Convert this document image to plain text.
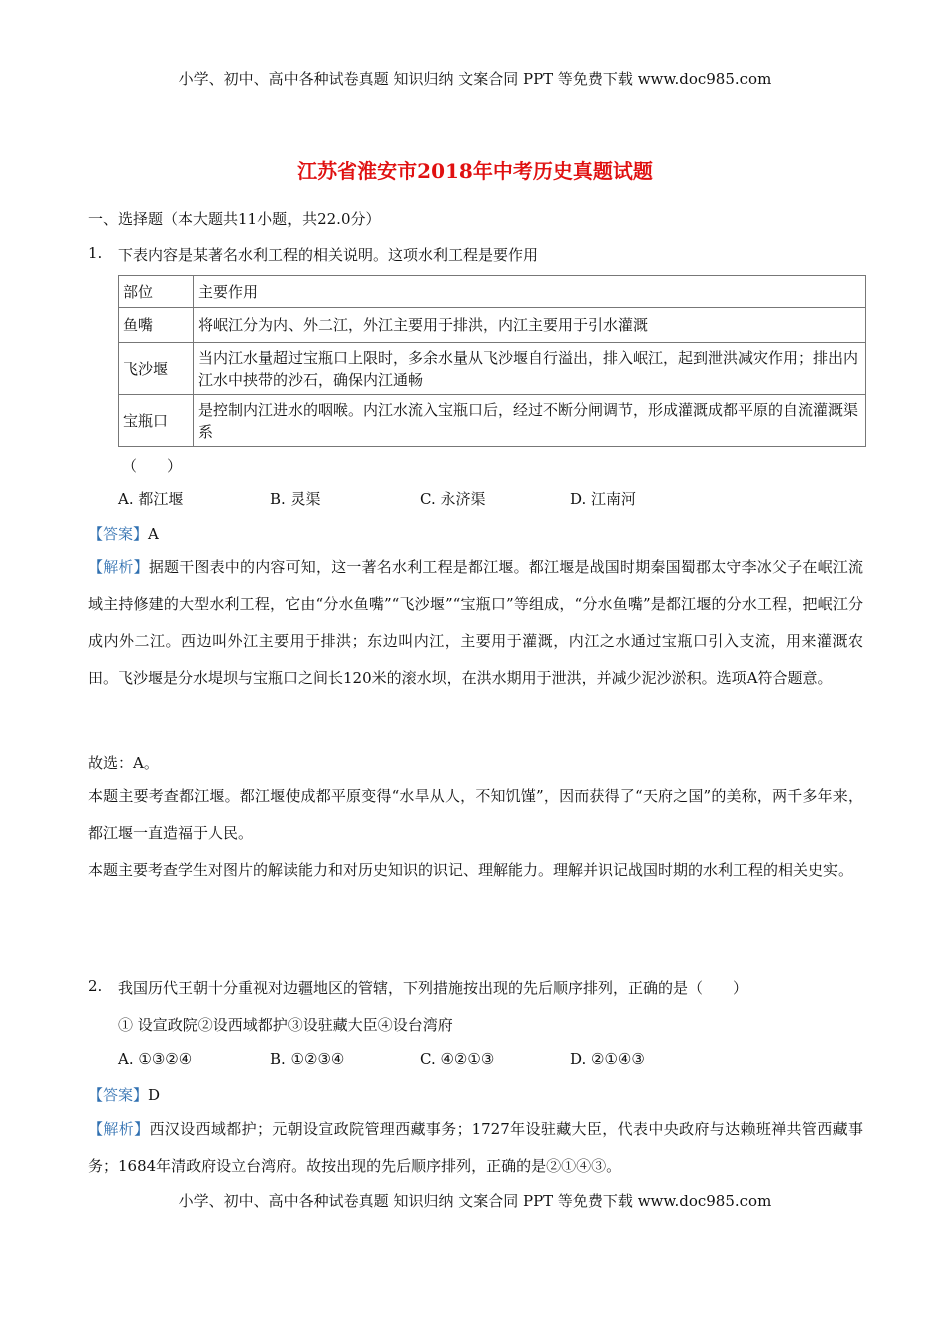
小学、初中、高中各种试卷真题 知识归纳 文案合同 PPT 等免费下载 www.doc985.com
江苏省淮安市2018年中考历史真题试题
一、选择题（本大题共11小题，共22.0分）
1. 下表内容是某著名水利工程的相关说明。这项水利工程是要作用
部位	主要作用
鱼嘴	将岷江分为内、外二江，外江主要用于排洪，内江主要用于引水灌溉
飞沙堰	当内江水量超过宝瓶口上限时，多余水量从飞沙堰自行溢出，排入岷江，起到泄洪减灾作用；排出内江水中挟带的沙石，确保内江通畅
宝瓶口	是控制内江进水的咽喉。内江水流入宝瓶口后，经过不断分闸调节，形成灌溉成都平原的自流灌溉渠系
（　　）
A. 都江堰	B. 灵渠	C. 永济渠	D. 江南河
【答案】A
【解析】据题干图表中的内容可知，这一著名水利工程是都江堰。都江堰是战国时期秦国蜀郡太守李冰父子在岷江流域主持修建的大型水利工程，它由“分水鱼嘴”“飞沙堰”“宝瓶口”等组成，“分水鱼嘴”是都江堰的分水工程，把岷江分成内外二江。西边叫外江主要用于排洪；东边叫内江，主要用于灌溉，内江之水通过宝瓶口引入支流，用来灌溉农田。飞沙堰是分水堤坝与宝瓶口之间长120米的滚水坝，在洪水期用于泄洪，并减少泥沙淤积。选项A符合题意。
故选：A。
本题主要考查都江堰。都江堰使成都平原变得“水旱从人，不知饥馑”，因而获得了“天府之国”的美称，两千多年来，都江堰一直造福于人民。
本题主要考查学生对图片的解读能力和对历史知识的识记、理解能力。理解并识记战国时期的水利工程的相关史实。
2. 我国历代王朝十分重视对边疆地区的管辖，下列措施按出现的先后顺序排列，正确的是（　　）
① 设宣政院②设西域都护③设驻藏大臣④设台湾府
A. ①③②④	B. ①②③④	C. ④②①③	D. ②①④③
【答案】D
【解析】西汉设西域都护；元朝设宣政院管理西藏事务；1727年设驻藏大臣，代表中央政府与达赖班禅共管西藏事务；1684年清政府设立台湾府。故按出现的先后顺序排列，正确的是②①④③。
小学、初中、高中各种试卷真题 知识归纳 文案合同 PPT 等免费下载 www.doc985.com
